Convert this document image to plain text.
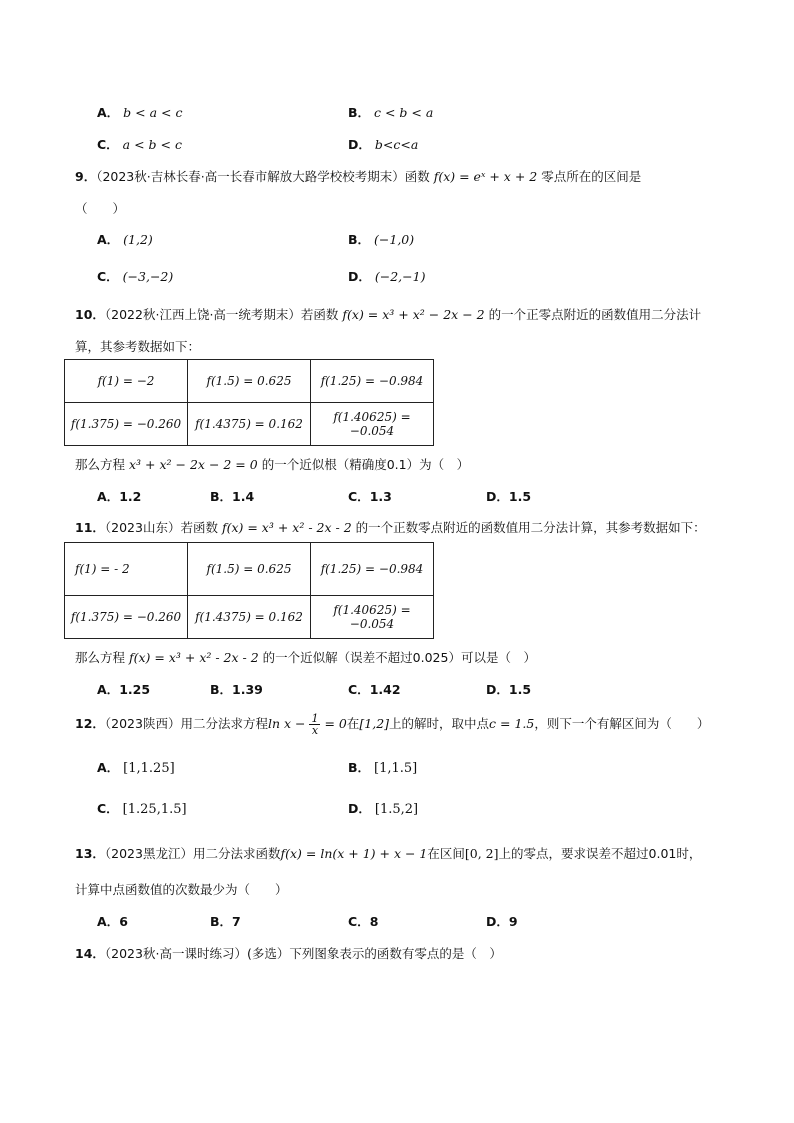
A． b < a < c	B． c < b < a
C． a < b < c	D． b<c<a
9．（2023秋·吉林长春·高一长春市解放大路学校校考期末）函数 f(x) = eˣ + x + 2 零点所在的区间是
（　　）
A． (1,2)	B． (−1,0)
C． (−3,−2)	D． (−2,−1)
10．（2022秋·江西上饶·高一统考期末）若函数 f(x) = x³ + x² − 2x − 2 的一个正零点附近的函数值用二分法计
算，其参考数据如下：
f(1) = −2	f(1.5) = 0.625	f(1.25) = −0.984
f(1.375) = −0.260	f(1.4375) = 0.162	f(1.40625) = −0.054
那么方程 x³ + x² − 2x − 2 = 0 的一个近似根（精确度0.1）为（　）
A．1.2	B．1.4	C．1.3	D．1.5
11．（2023山东）若函数 f(x) = x³ + x² - 2x - 2 的一个正数零点附近的函数值用二分法计算，其参考数据如下：
f(1) = - 2	f(1.5) = 0.625	f(1.25) = −0.984
f(1.375) = −0.260	f(1.4375) = 0.162	f(1.40625) = −0.054
那么方程 f(x) = x³ + x² - 2x - 2 的一个近似解（误差不超过0.025）可以是（　）
A．1.25	B．1.39	C．1.42	D．1.5
12．（2023陕西）用二分法求方程$\ln x - \frac{1}{x} = 0$在[1,2]上的解时，取中点c = 1.5，则下一个有解区间为（　　）
A． [1,1.25]	B． [1,1.5]
C． [1.25,1.5]	D． [1.5,2]
13．（2023黑龙江）用二分法求函数f(x) = ln(x + 1) + x − 1在区间[0, 2]上的零点，要求误差不超过0.01时，
计算中点函数值的次数最少为（　　）
A．6	B．7	C．8	D．9
14．（2023秋·高一课时练习）(多选）下列图象表示的函数有零点的是（　）
